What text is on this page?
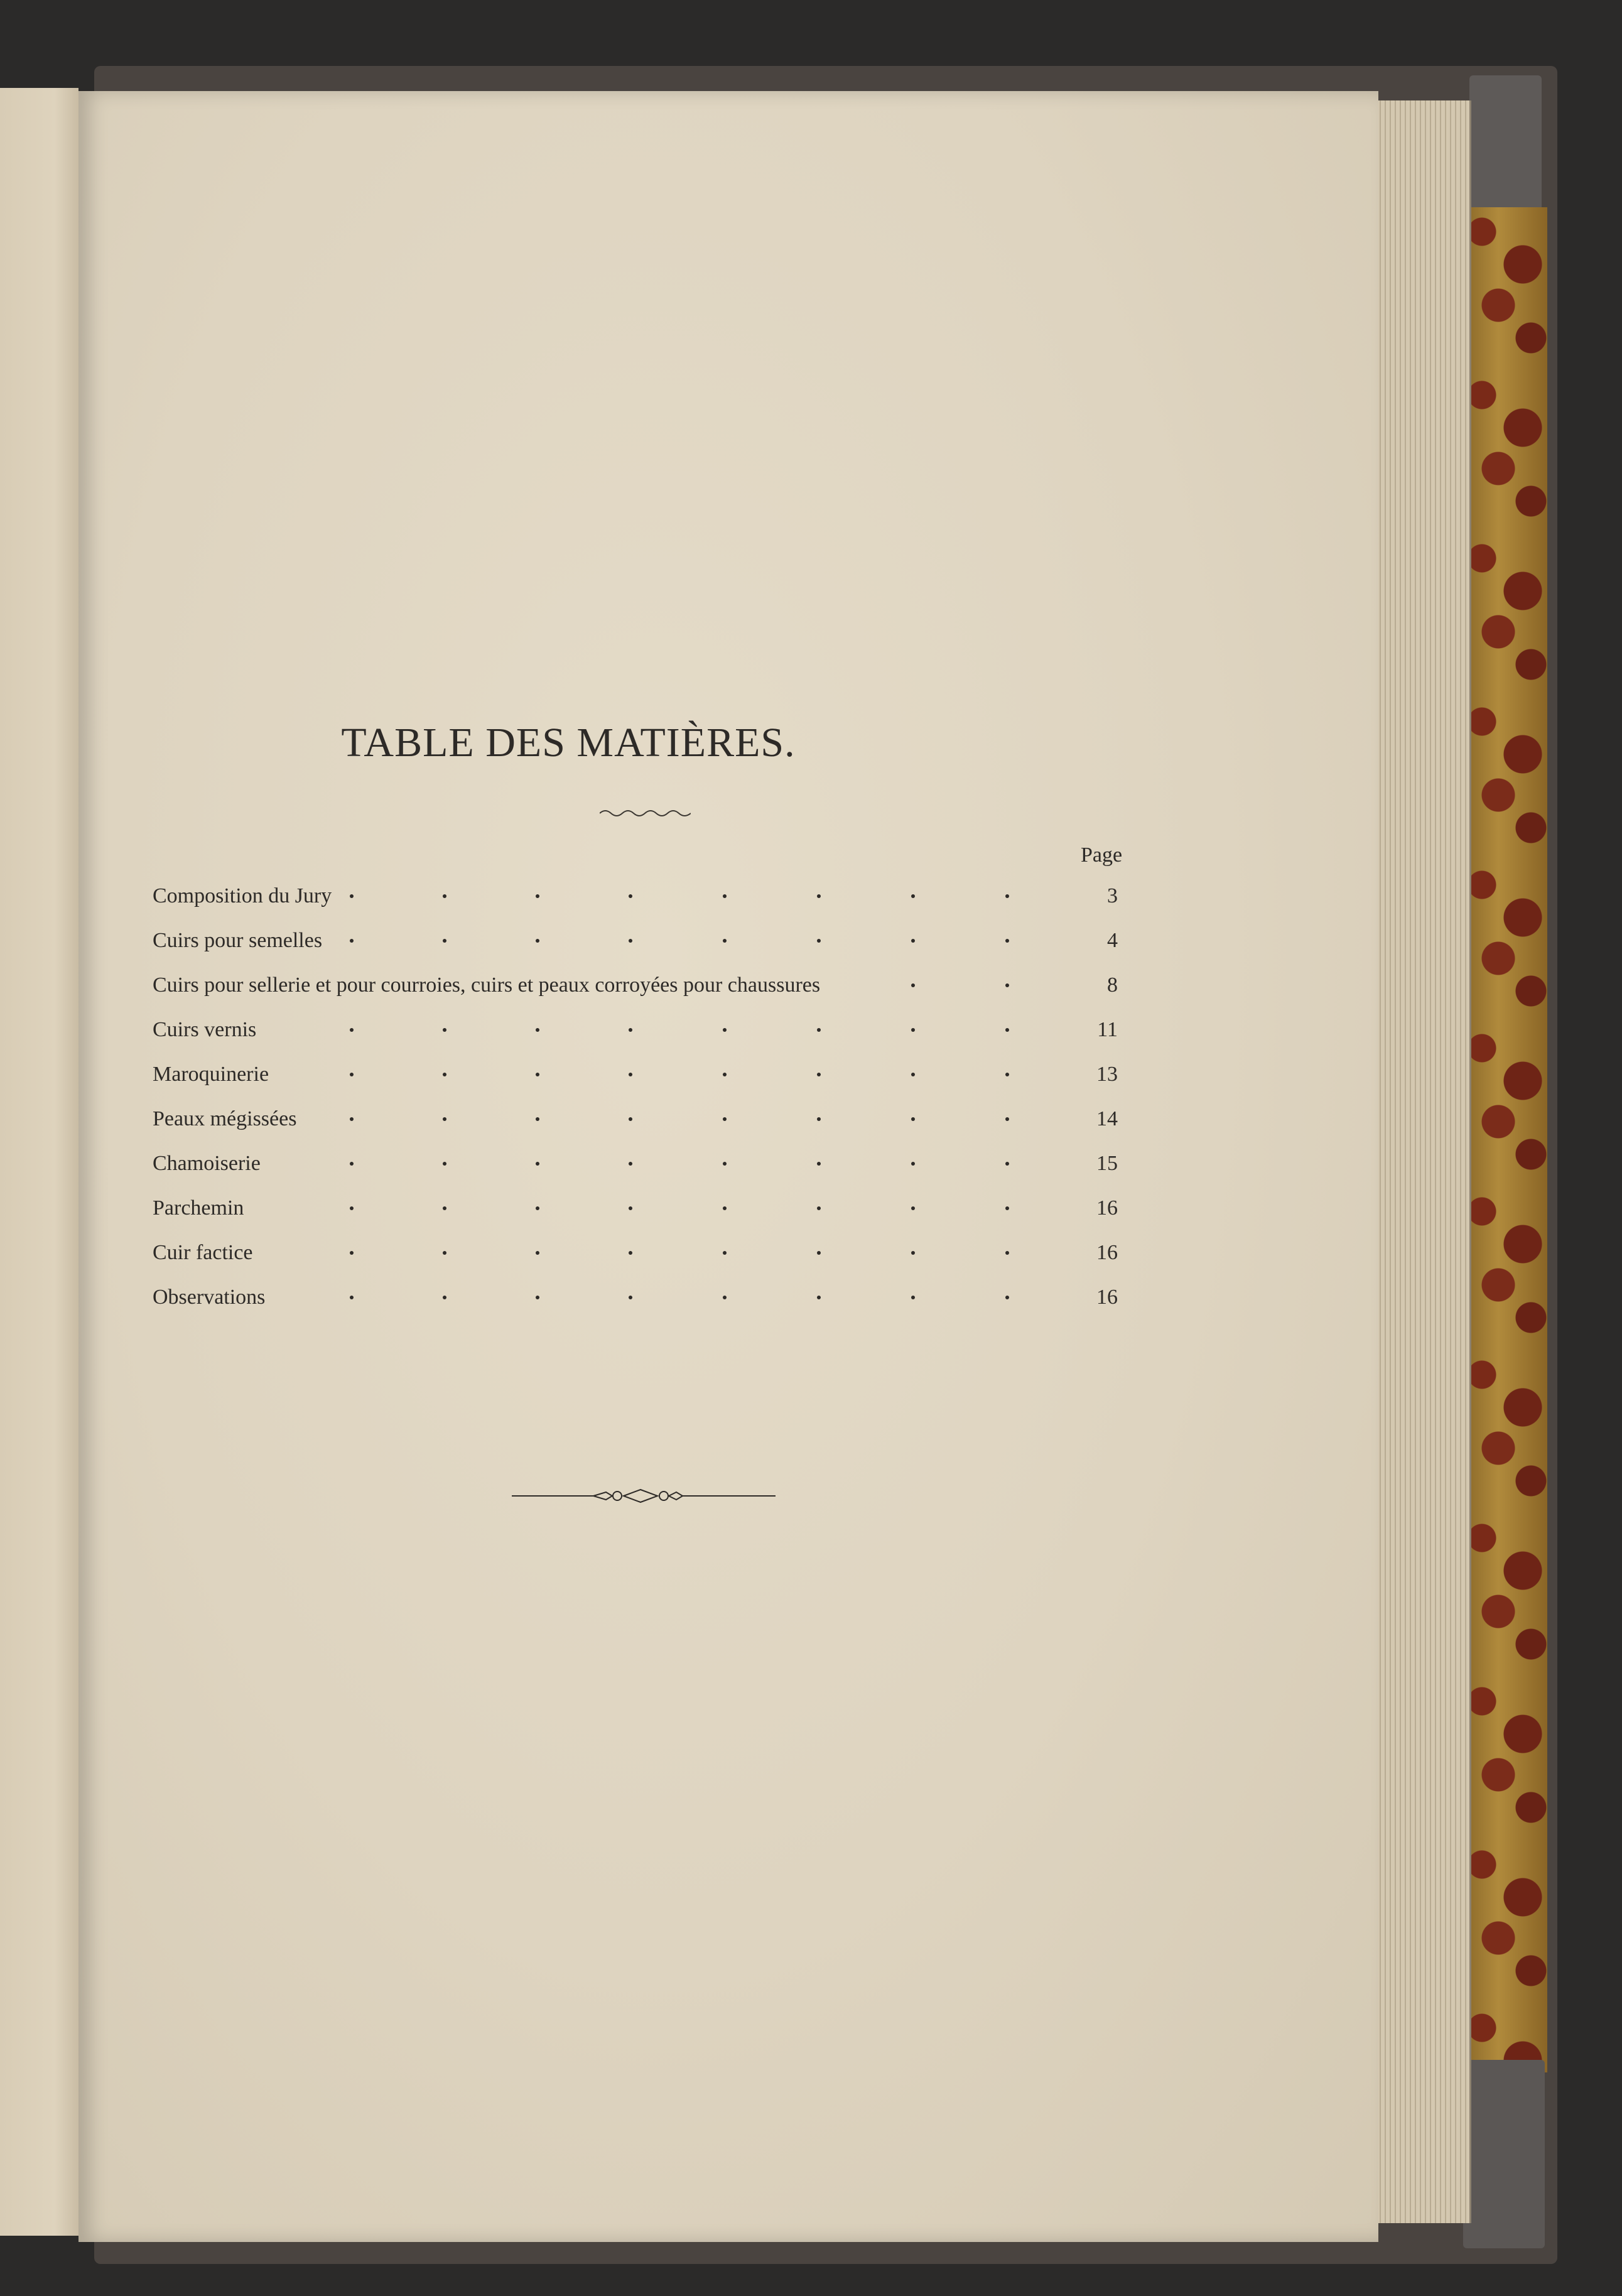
TABLE DES MATIÈRES.
Page
Composition du Jury	3
Cuirs pour semelles	4
Cuirs pour sellerie et pour courroies, cuirs et peaux corroyées pour chaussures	8
Cuirs vernis	11
Maroquinerie	13
Peaux mégissées	14
Chamoiserie	15
Parchemin	16
Cuir factice	16
Observations	16
